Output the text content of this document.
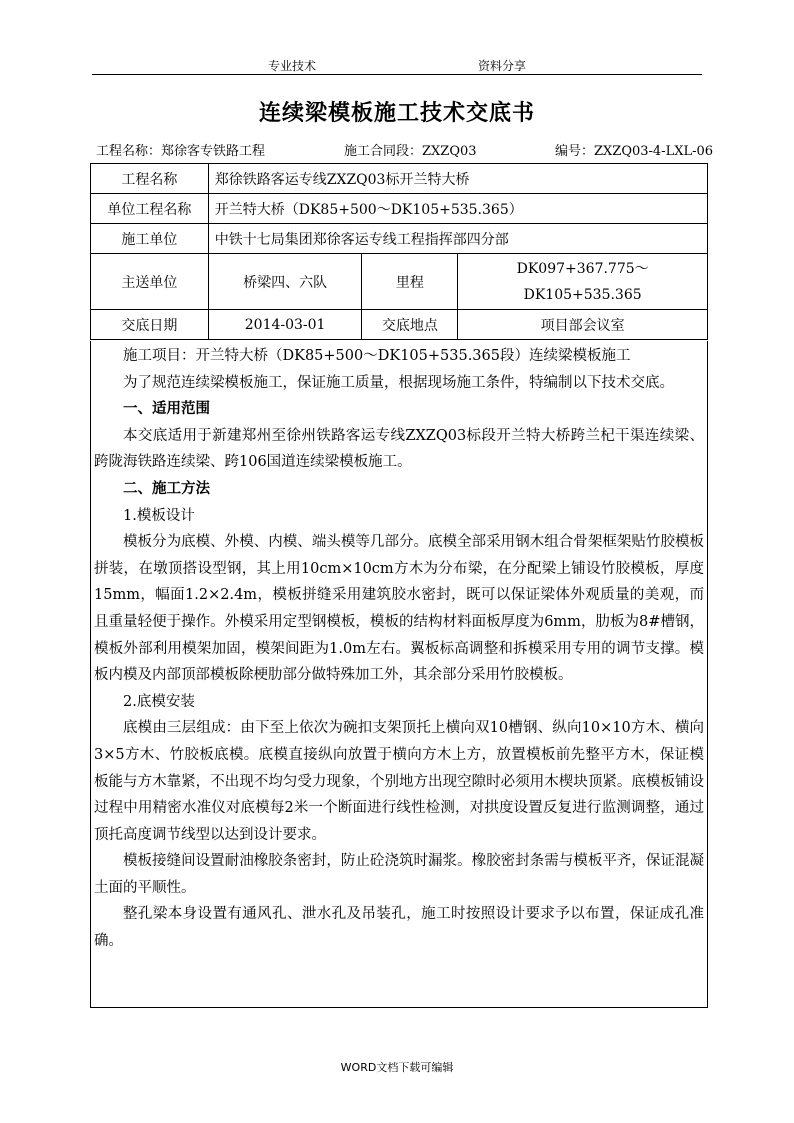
专业技术	资料分享
连续梁模板施工技术交底书
工程名称：郑徐客专铁路工程	施工合同段：ZXZQ03	编号：ZXZQ03-4-LXL-06
工程名称	郑徐铁路客运专线ZXZQ03标开兰特大桥		
单位工程名称	开兰特大桥（DK85+500～DK105+535.365）		
施工单位	中铁十七局集团郑徐客运专线工程指挥部四分部		
主送单位	桥梁四、六队	里程	DK097+367.775～
DK105+535.365

交底日期	2014-03-01	交底地点	项目部会议室

施工项目：开兰特大桥（DK85+500～DK105+535.365段）连续梁模板施工

为了规范连续梁模板施工，保证施工质量，根据现场施工条件，特编制以下技术交底。

一、适用范围

本交底适用于新建郑州至徐州铁路客运专线ZXZQ03标段开兰特大桥跨兰杞干渠连续梁、跨陇海铁路连续梁、跨106国道连续梁模板施工。

二、施工方法

1.模板设计

模板分为底模、外模、内模、端头模等几部分。底模全部采用钢木组合骨架框架贴竹胶模板拼装，在墩顶搭设型钢，其上用10cm×10cm方木为分布梁，在分配梁上铺设竹胶模板，厚度15mm，幅面1.2×2.4m，模板拼缝采用建筑胶水密封，既可以保证梁体外观质量的美观，而且重量轻便于操作。外模采用定型钢模板，模板的结构材料面板厚度为6mm，肋板为8#槽钢，模板外部利用模架加固，模架间距为1.0m左右。翼板标高调整和拆模采用专用的调节支撑。模板内模及内部顶部模板除梗肋部分做特殊加工外，其余部分采用竹胶模板。

2.底模安装

底模由三层组成：由下至上依次为碗扣支架顶托上横向双10槽钢、纵向10×10方木、横向3×5方木、竹胶板底模。底模直接纵向放置于横向方木上方，放置模板前先整平方木，保证模板能与方木靠紧，不出现不均匀受力现象，个别地方出现空隙时必须用木楔块顶紧。底模板铺设过程中用精密水准仪对底模每2米一个断面进行线性检测，对拱度设置反复进行监测调整，通过顶托高度调节线型以达到设计要求。

模板接缝间设置耐油橡胶条密封，防止砼浇筑时漏浆。橡胶密封条需与模板平齐，保证混凝土面的平顺性。

整孔梁本身设置有通风孔、泄水孔及吊装孔，施工时按照设计要求予以布置，保证成孔准确。

WORD文档下载可编辑
